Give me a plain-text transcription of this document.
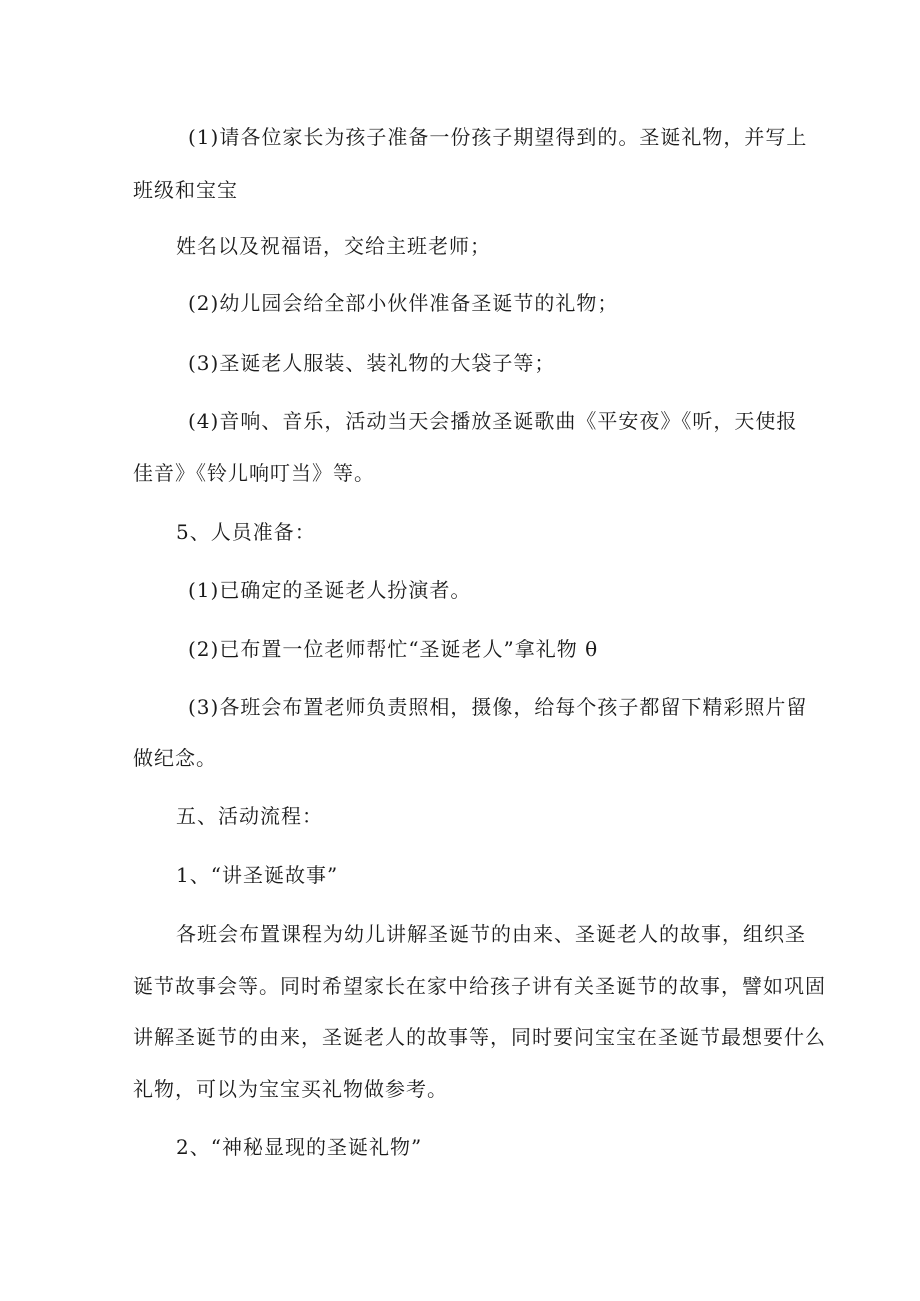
(1)请各位家长为孩子准备一份孩子期望得到的。圣诞礼物，并写上
班级和宝宝
姓名以及祝福语，交给主班老师；
(2)幼儿园会给全部小伙伴准备圣诞节的礼物；
(3)圣诞老人服装、装礼物的大袋子等；
(4)音响、音乐，活动当天会播放圣诞歌曲《平安夜》《听，天使报
佳音》《铃儿响叮当》等。
5、人员准备：
(1)已确定的圣诞老人扮演者。
(2)已布置一位老师帮忙“圣诞老人”拿礼物 θ
(3)各班会布置老师负责照相，摄像，给每个孩子都留下精彩照片留
做纪念。
五、活动流程：
1、“讲圣诞故事”
各班会布置课程为幼儿讲解圣诞节的由来、圣诞老人的故事，组织圣
诞节故事会等。同时希望家长在家中给孩子讲有关圣诞节的故事，譬如巩固
讲解圣诞节的由来，圣诞老人的故事等，同时要问宝宝在圣诞节最想要什么
礼物，可以为宝宝买礼物做参考。
2、“神秘显现的圣诞礼物”
